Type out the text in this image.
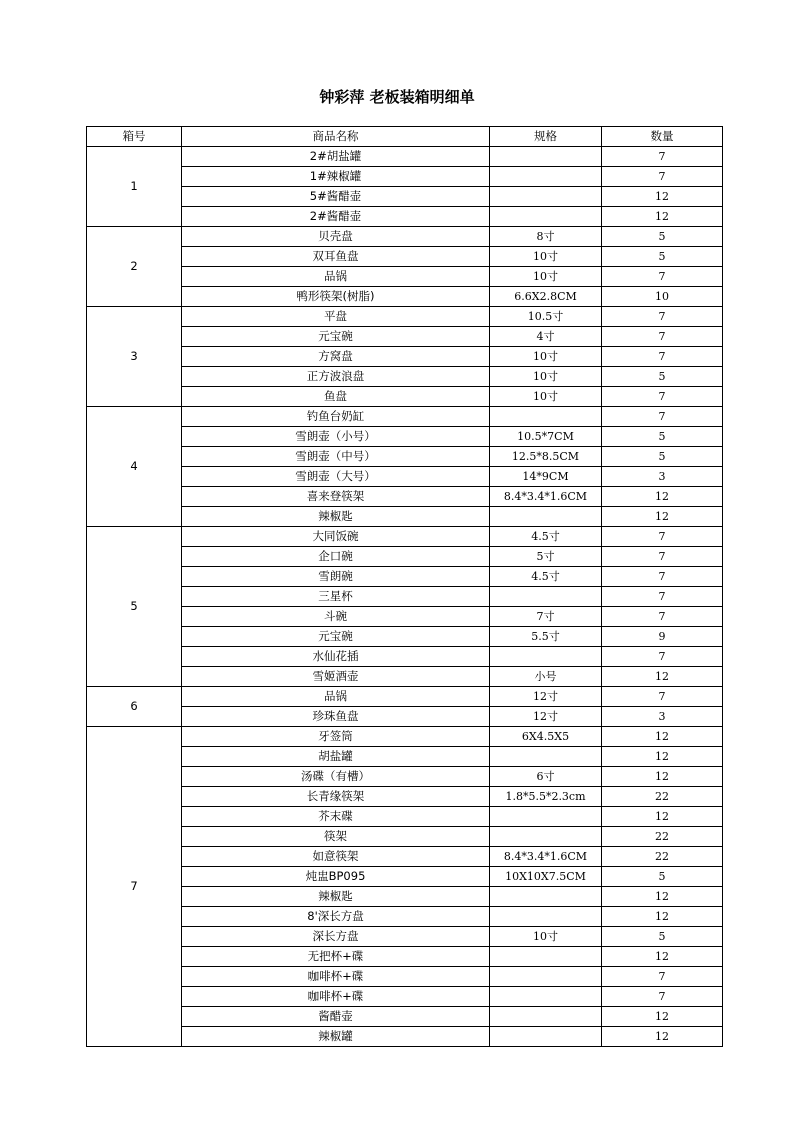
钟彩萍 老板装箱明细单
箱号	商品名称	规格	数量
1	2#胡盐罐		7
	1#辣椒罐		7
	5#酱醋壶		12
	2#酱醋壶		12
2	贝壳盘	8寸	5
	双耳鱼盘	10寸	5
	品锅	10寸	7
	鸭形筷架(树脂)	6.6X2.8CM	10
3	平盘	10.5寸	7
	元宝碗	4寸	7
	方窝盘	10寸	7
	正方波浪盘	10寸	5
	鱼盘	10寸	7
4	钓鱼台奶缸		7
	雪朗壶（小号）	10.5*7CM	5
	雪朗壶（中号）	12.5*8.5CM	5
	雪朗壶（大号）	14*9CM	3
	喜来登筷架	8.4*3.4*1.6CM	12
	辣椒匙		12
5	大同饭碗	4.5寸	7
	企口碗	5寸	7
	雪朗碗	4.5寸	7
	三星杯		7
	斗碗	7寸	7
	元宝碗	5.5寸	9
	水仙花插		7
	雪姬酒壶	小号	12
6	品锅	12寸	7
	珍珠鱼盘	12寸	3
7	牙签筒	6X4.5X5	12
	胡盐罐		12
	汤碟（有槽）	6寸	12
	长青缘筷架	1.8*5.5*2.3cm	22
	芥末碟		12
	筷架		22
	如意筷架	8.4*3.4*1.6CM	22
	炖盅BP095	10X10X7.5CM	5
	辣椒匙		12
	8'深长方盘		12
	深长方盘	10寸	5
	无把杯+碟		12
	咖啡杯+碟		7
	咖啡杯+碟		7
	酱醋壶		12
	辣椒罐		12
